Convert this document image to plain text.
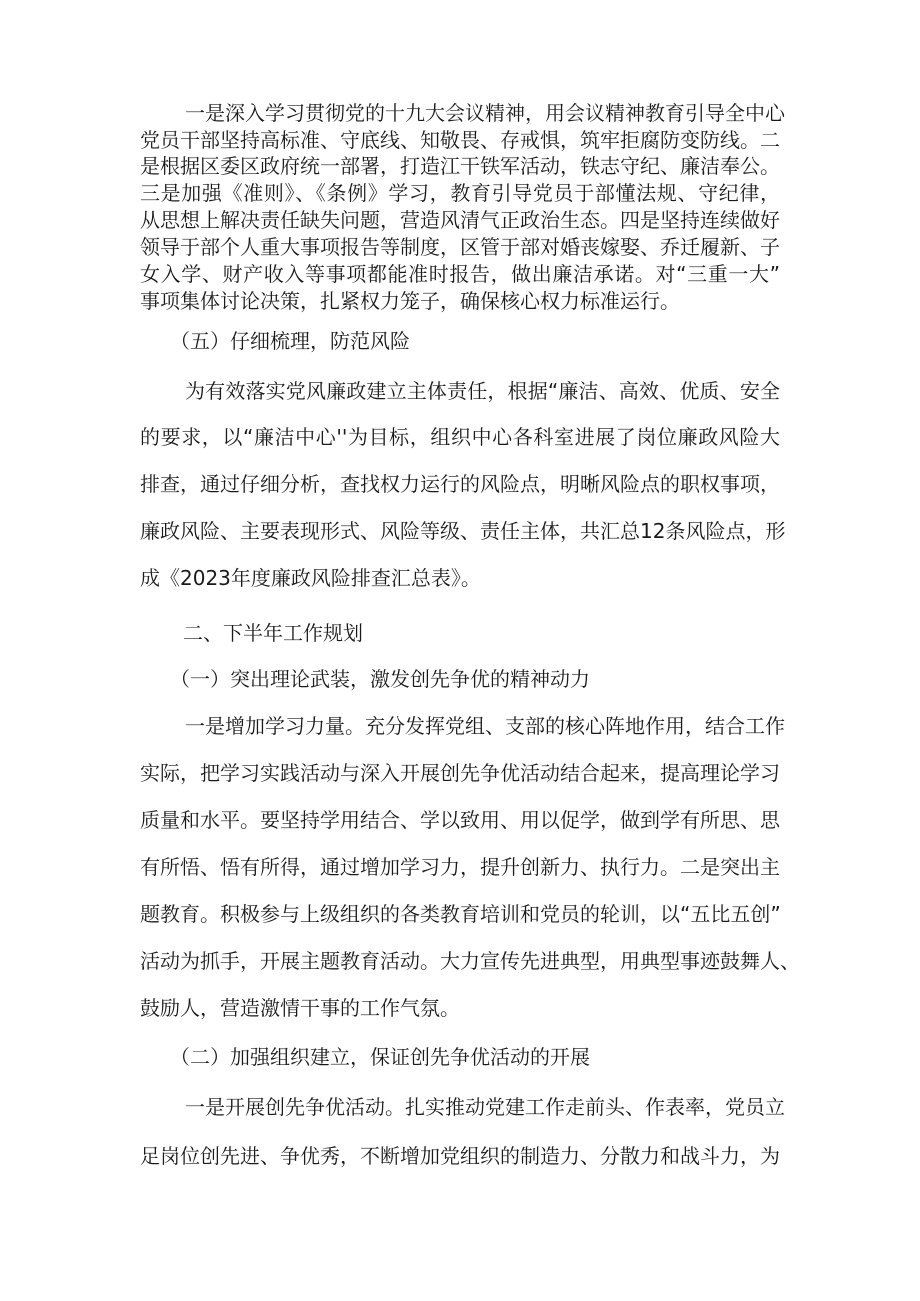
一是深入学习贯彻党的十九大会议精神，用会议精神教育引导全中心
党员干部坚持高标准、守底线、知敬畏、存戒惧，筑牢拒腐防变防线。二
是根据区委区政府统一部署，打造江干铁军活动，铁志守纪、廉洁奉公。
三是加强《准则》、《条例》学习，教育引导党员于部懂法规、守纪律，
从思想上解决责任缺失问题，营造风清气正政治生态。四是坚持连续做好
领导于部个人重大事项报告等制度，区管于部对婚丧嫁娶、乔迁履新、子
女入学、财产收入等事项都能准时报告，做出廉洁承诺。对“三重一大”
事项集体讨论决策，扎紧权力笼子，确保核心权力标准运行。
（五）仔细梳理，防范风险
为有效落实党风廉政建立主体责任，根据“廉洁、高效、优质、安全
的要求，以“廉洁中心''为目标，组织中心各科室进展了岗位廉政风险大
排查，通过仔细分析，查找权力运行的风险点，明晰风险点的职权事项，
廉政风险、主要表现形式、风险等级、责任主体，共汇总12条风险点，形
成《2023年度廉政风险排查汇总表》。
二、下半年工作规划
（一）突出理论武装，激发创先争优的精神动力
一是增加学习力量。充分发挥党组、支部的核心阵地作用，结合工作
实际，把学习实践活动与深入开展创先争优活动结合起来，提高理论学习
质量和水平。要坚持学用结合、学以致用、用以促学，做到学有所思、思
有所悟、悟有所得，通过增加学习力，提升创新力、执行力。二是突出主
题教育。积极参与上级组织的各类教育培训和党员的轮训，以“五比五创”
活动为抓手，开展主题教育活动。大力宣传先进典型，用典型事迹鼓舞人、
鼓励人，营造激情干事的工作气氛。
（二）加强组织建立，保证创先争优活动的开展
一是开展创先争优活动。扎实推动党建工作走前头、作表率，党员立
足岗位创先进、争优秀，不断增加党组织的制造力、分散力和战斗力，为
